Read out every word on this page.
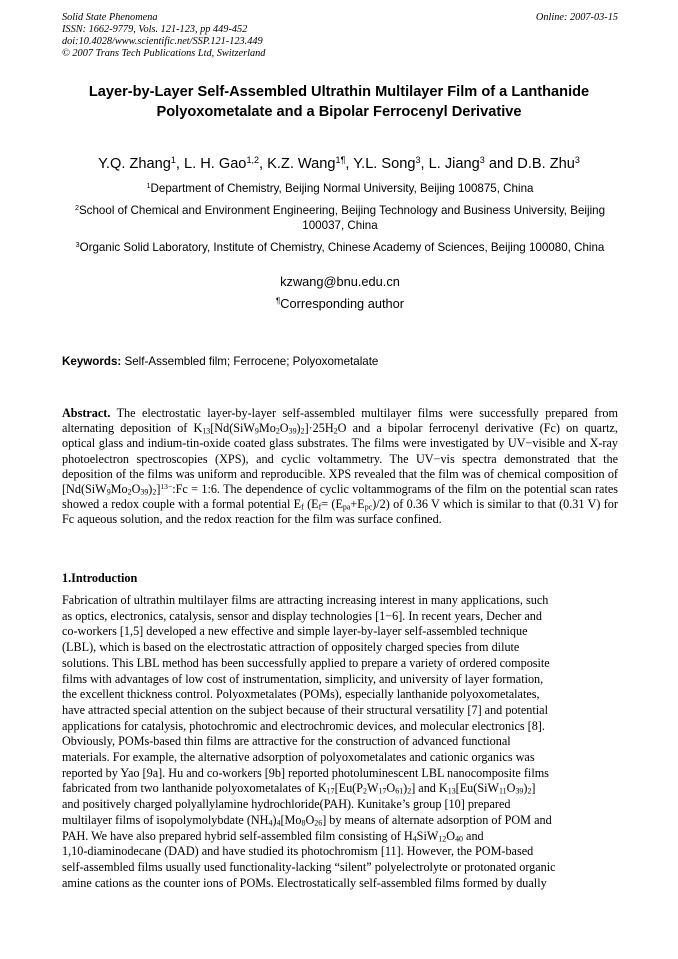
Solid State Phenomena
ISSN: 1662-9779, Vols. 121-123, pp 449-452
doi:10.4028/www.scientific.net/SSP.121-123.449
© 2007 Trans Tech Publications Ltd, Switzerland
Online: 2007-03-15
Layer-by-Layer Self-Assembled Ultrathin Multilayer Film of a Lanthanide
Polyoxometalate and a Bipolar Ferrocenyl Derivative
Y.Q. Zhang$^1$, L. H. Gao$^{1,2}$, K.Z. Wang$^{1\P}$, Y.L. Song$^3$, L. Jiang$^3$ and D.B. Zhu$^3$
$^1$Department of Chemistry, Beijing Normal University, Beijing 100875, China
$^2$School of Chemical and Environment Engineering, Beijing Technology and Business University, Beijing 100037, China
$^3$Organic Solid Laboratory, Institute of Chemistry, Chinese Academy of Sciences, Beijing 100080, China
kzwang@bnu.edu.cn
¶Corresponding author
Keywords: Self-Assembled film; Ferrocene; Polyoxometalate
Abstract. The electrostatic layer-by-layer self-assembled multilayer films were successfully prepared from alternating deposition of $K_{13}[Nd(SiW_9Mo_2O_{39})_2]\cdot 25H_2O$ and a bipolar ferrocenyl derivative (Fc) on quartz, optical glass and indium-tin-oxide coated glass substrates. The films were investigated by UV−visible and X-ray photoelectron spectroscopies (XPS), and cyclic voltammetry. The UV−vis spectra demonstrated that the deposition of the films was uniform and reproducible. XPS revealed that the film was of chemical composition of $[Nd(SiW_9Mo_2O_{39})_2]^{13-}:Fc$ = 1:6. The dependence of cyclic voltammograms of the film on the potential scan rates showed a redox couple with a formal potential $E_f$ $(E_f= (E_{pa}+E_{pc})/2)$ of 0.36 V which is similar to that (0.31 V) for Fc aqueous solution, and the redox reaction for the film was surface confined.
1.Introduction
Fabrication of ultrathin multilayer films are attracting increasing interest in many applications, such
as optics, electronics, catalysis, sensor and display technologies [1−6]. In recent years, Decher and
co-workers [1,5] developed a new effective and simple layer-by-layer self-assembled technique
(LBL), which is based on the electrostatic attraction of oppositely charged species from dilute
solutions. This LBL method has been successfully applied to prepare a variety of ordered composite
films with advantages of low cost of instrumentation, simplicity, and university of layer formation,
the excellent thickness control. Polyoxmetalates (POMs), especially lanthanide polyoxometalates,
have attracted special attention on the subject because of their structural versatility [7] and potential
applications for catalysis, photochromic and electrochromic devices, and molecular electronics [8].
Obviously, POMs-based thin films are attractive for the construction of advanced functional
materials. For example, the alternative adsorption of polyoxometalates and cationic organics was
reported by Yao [9a]. Hu and co-workers [9b] reported photoluminescent LBL nanocomposite films
fabricated from two lanthanide polyoxometalates of $K_{17}[Eu(P_2W_{17}O_{61})_2]$ and $K_{13}[Eu(SiW_{11}O_{39})_2]$
and positively charged polyallylamine hydrochloride(PAH). Kunitake’s group [10] prepared
multilayer films of isopolymolybdate $(NH_4)_4[Mo_8O_{26}]$ by means of alternate adsorption of POM and
PAH. We have also prepared hybrid self-assembled film consisting of $H_4SiW_{12}O_{40}$ and
1,10-diaminodecane (DAD) and have studied its photochromism [11]. However, the POM-based
self-assembled films usually used functionality-lacking “silent” polyelectrolyte or protonated organic
amine cations as the counter ions of POMs. Electrostatically self-assembled films formed by dually
